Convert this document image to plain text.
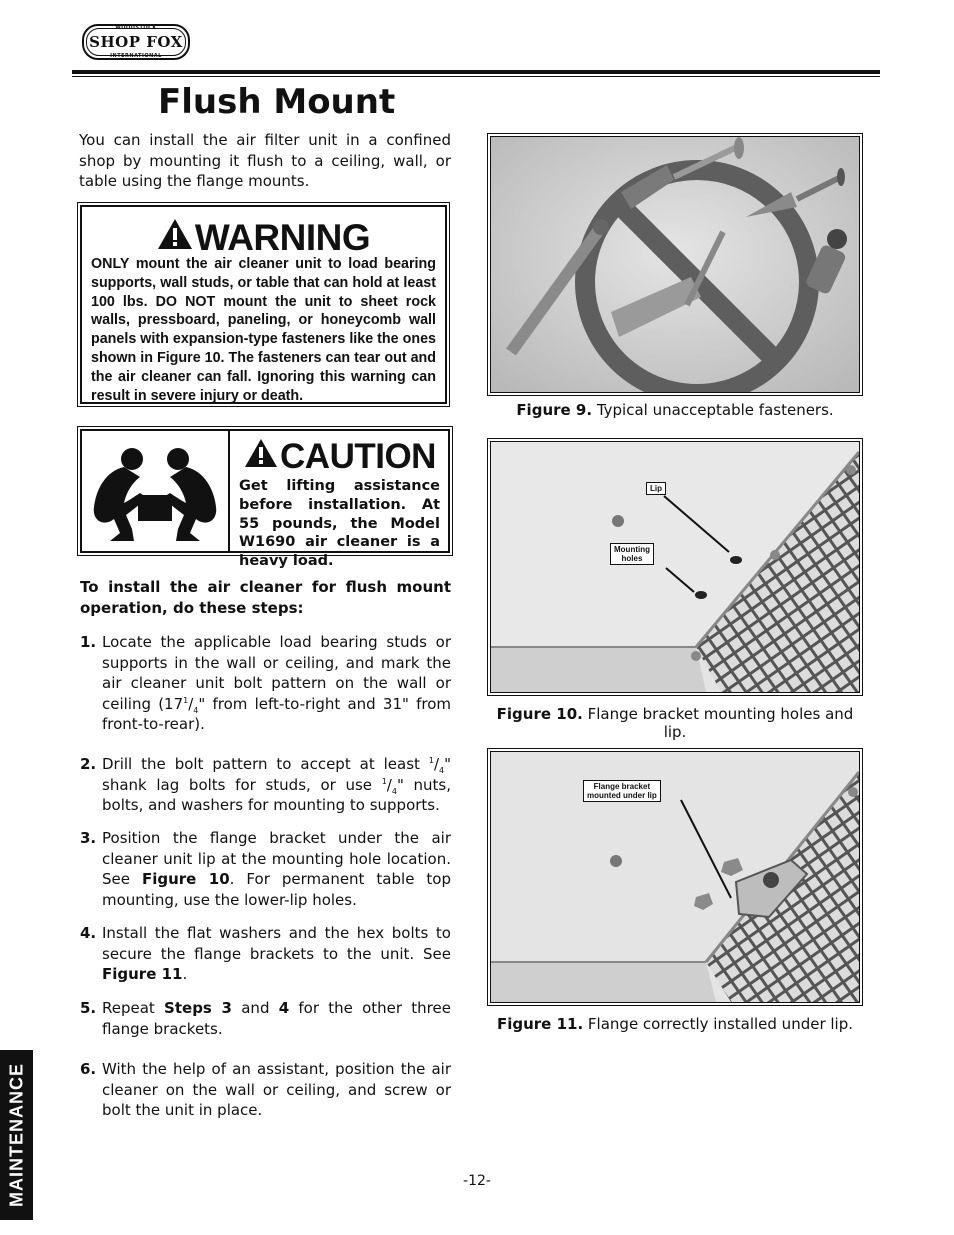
WOODSTOCK
SHOP FOX
INTERNATIONAL
Flush Mount

You can install the air filter unit in a confined shop by mounting it flush to a ceiling, wall, or table using the flange mounts.

WARNING

ONLY mount the air cleaner unit to load bearing supports, wall studs, or table that can hold at least 100 lbs. DO NOT mount the unit to sheet rock walls, pressboard, paneling, or honeycomb wall panels with expansion-type fasteners like the ones shown in Figure 10. The fasteners can tear out and the air cleaner can fall. Ignoring this warning can result in severe injury or death.

CAUTION

Get lifting assistance before installation. At 55 pounds, the Model W1690 air cleaner is a heavy load.

To install the air cleaner for flush mount operation, do these steps:

1. Locate the applicable load bearing studs or supports in the wall or ceiling, and mark the air cleaner unit bolt pattern on the wall or ceiling ($17^1/_4$" from left-to-right and 31" from front-to-rear).
2. Drill the bolt pattern to accept at least $^1/_4$" shank lag bolts for studs, or use $^1/_4$" nuts, bolts, and washers for mounting to supports.
3. Position the flange bracket under the air cleaner unit lip at the mounting hole location. See Figure 10. For permanent table top mounting, use the lower-lip holes.
4. Install the flat washers and the hex bolts to secure the flange brackets to the unit. See Figure 11.
5. Repeat Steps 3 and 4 for the other three flange brackets.
6. With the help of an assistant, position the air cleaner on the wall or ceiling, and screw or bolt the unit in place.

Figure 9. Typical unacceptable fasteners.

Lip
Mounting
holes

Figure 10. Flange bracket mounting holes and lip.

Flange bracket
mounted under lip

Figure 11. Flange correctly installed under lip.

-12-

MAINTENANCE
